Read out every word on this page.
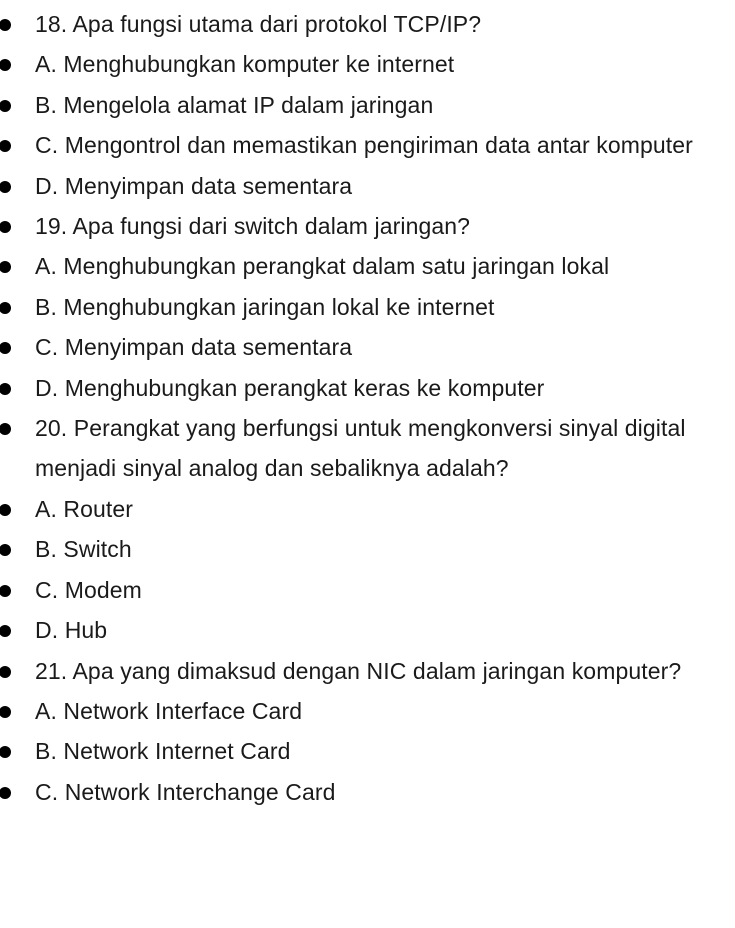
18. Apa fungsi utama dari protokol TCP/IP?
A. Menghubungkan komputer ke internet
B. Mengelola alamat IP dalam jaringan
C. Mengontrol dan memastikan pengiriman data antar komputer
D. Menyimpan data sementara
19. Apa fungsi dari switch dalam jaringan?
A. Menghubungkan perangkat dalam satu jaringan lokal
B. Menghubungkan jaringan lokal ke internet
C. Menyimpan data sementara
D. Menghubungkan perangkat keras ke komputer
20. Perangkat yang berfungsi untuk mengkonversi sinyal digital menjadi sinyal analog dan sebaliknya adalah?
A. Router
B. Switch
C. Modem
D. Hub
21. Apa yang dimaksud dengan NIC dalam jaringan komputer?
A. Network Interface Card
B. Network Internet Card
C. Network Interchange Card
